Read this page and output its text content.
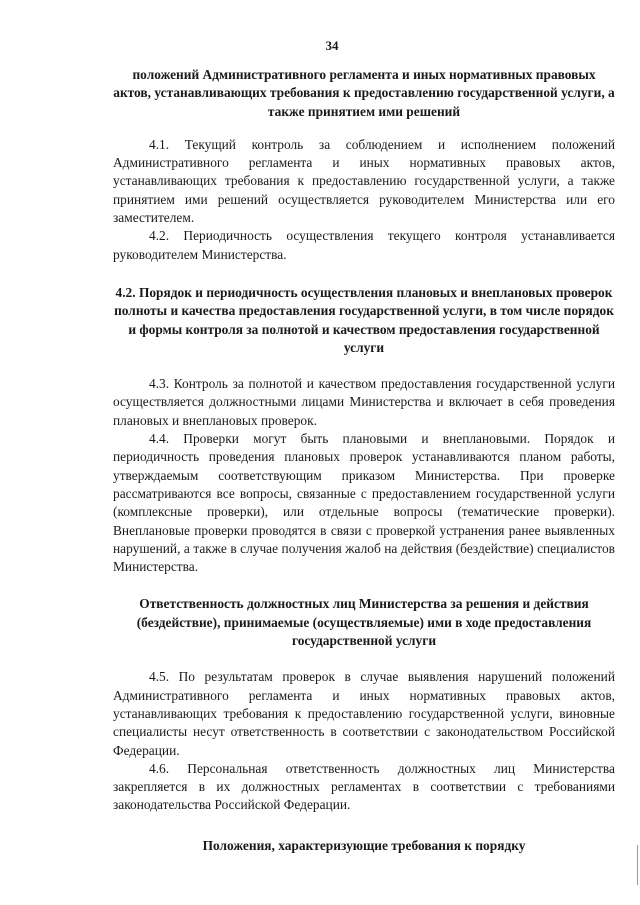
34

положений Административного регламента и иных нормативных правовых актов, устанавливающих требования к предоставлению государственной услуги, а также принятием ими решений

4.1. Текущий контроль за соблюдением и исполнением положений Административного регламента и иных нормативных правовых актов, устанавливающих требования к предоставлению государственной услуги, а также принятием ими решений осуществляется руководителем Министерства или его заместителем.

4.2. Периодичность осуществления текущего контроля устанавливается руководителем Министерства.

4.2. Порядок и периодичность осуществления плановых и внеплановых проверок полноты и качества предоставления государственной услуги, в том числе порядок и формы контроля за полнотой и качеством предоставления государственной услуги

4.3. Контроль за полнотой и качеством предоставления государственной услуги осуществляется должностными лицами Министерства и включает в себя проведения плановых и внеплановых проверок.

4.4. Проверки могут быть плановыми и внеплановыми. Порядок и периодичность проведения плановых проверок устанавливаются планом работы, утверждаемым соответствующим приказом Министерства. При проверке рассматриваются все вопросы, связанные с предоставлением государственной услуги (комплексные проверки), или отдельные вопросы (тематические проверки). Внеплановые проверки проводятся в связи с проверкой устранения ранее выявленных нарушений, а также в случае получения жалоб на действия (бездействие) специалистов Министерства.

Ответственность должностных лиц Министерства за решения и действия (бездействие), принимаемые (осуществляемые) ими в ходе предоставления государственной услуги

4.5. По результатам проверок в случае выявления нарушений положений Административного регламента и иных нормативных правовых актов, устанавливающих требования к предоставлению государственной услуги, виновные специалисты несут ответственность в соответствии с законодательством Российской Федерации.

4.6. Персональная ответственность должностных лиц Министерства закрепляется в их должностных регламентах в соответствии с требованиями законодательства Российской Федерации.

Положения, характеризующие требования к порядку
